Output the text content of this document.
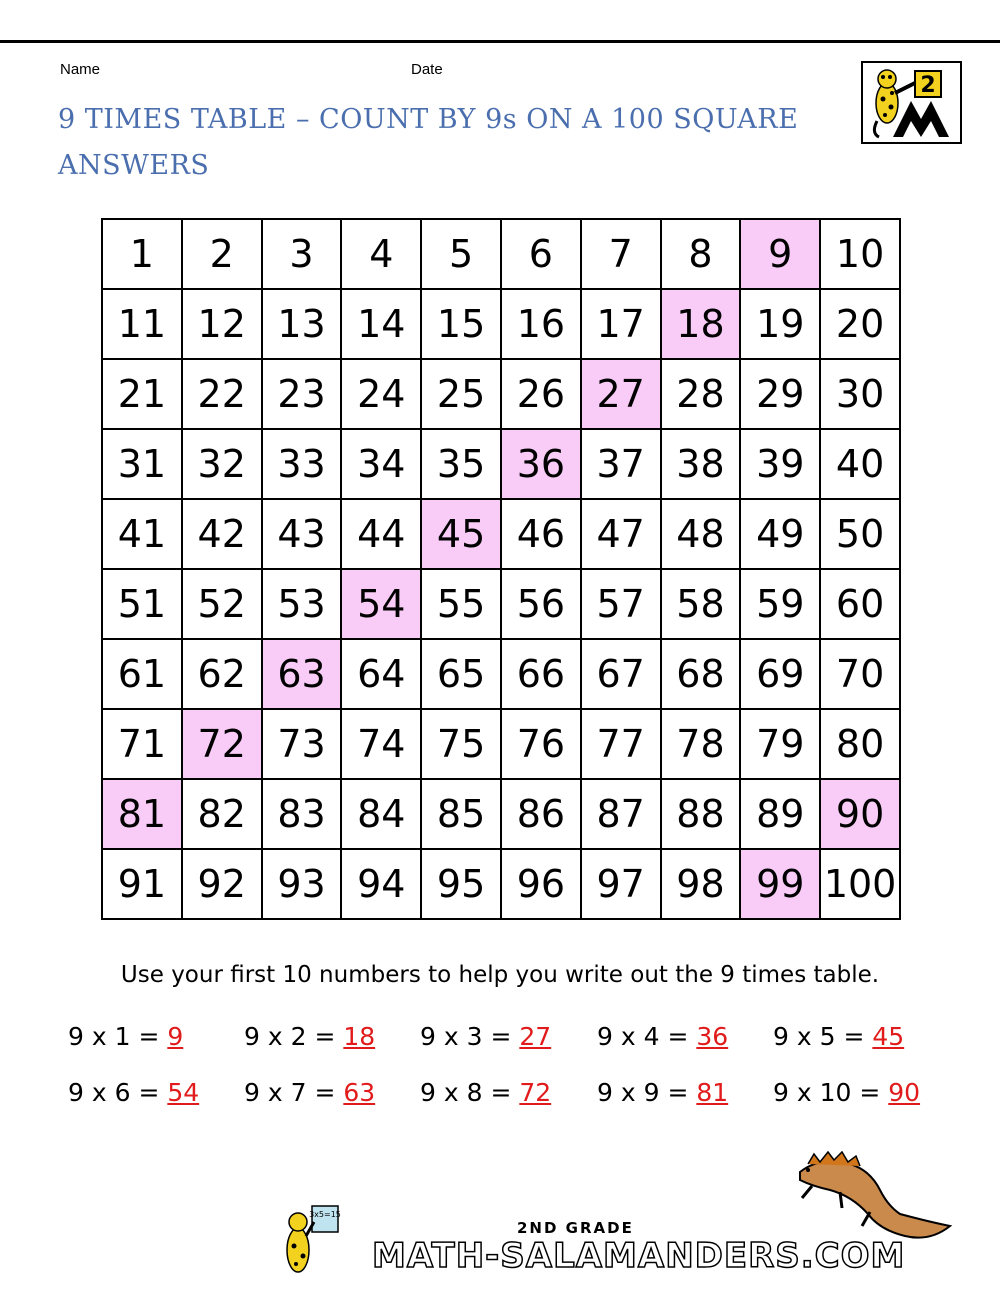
Name	Date
9 TIMES TABLE – COUNT BY 9s ON A 100 SQUARE
ANSWERS
2
1	2	3	4	5	6	7	8	9	10
11	12	13	14	15	16	17	18	19	20
21	22	23	24	25	26	27	28	29	30
31	32	33	34	35	36	37	38	39	40
41	42	43	44	45	46	47	48	49	50
51	52	53	54	55	56	57	58	59	60
61	62	63	64	65	66	67	68	69	70
71	72	73	74	75	76	77	78	79	80
81	82	83	84	85	86	87	88	89	90
91	92	93	94	95	96	97	98	99	100
Use your first 10 numbers to help you write out the 9 times table.
9 x 1 = 9 9 x 2 = 18 9 x 3 = 27 9 x 4 = 36 9 x 5 = 45
9 x 6 = 54 9 x 7 = 63 9 x 8 = 72 9 x 9 = 81 9 x 10 = 90
3x5=15
2ND GRADE
MATH-SALAMANDERS.COM
